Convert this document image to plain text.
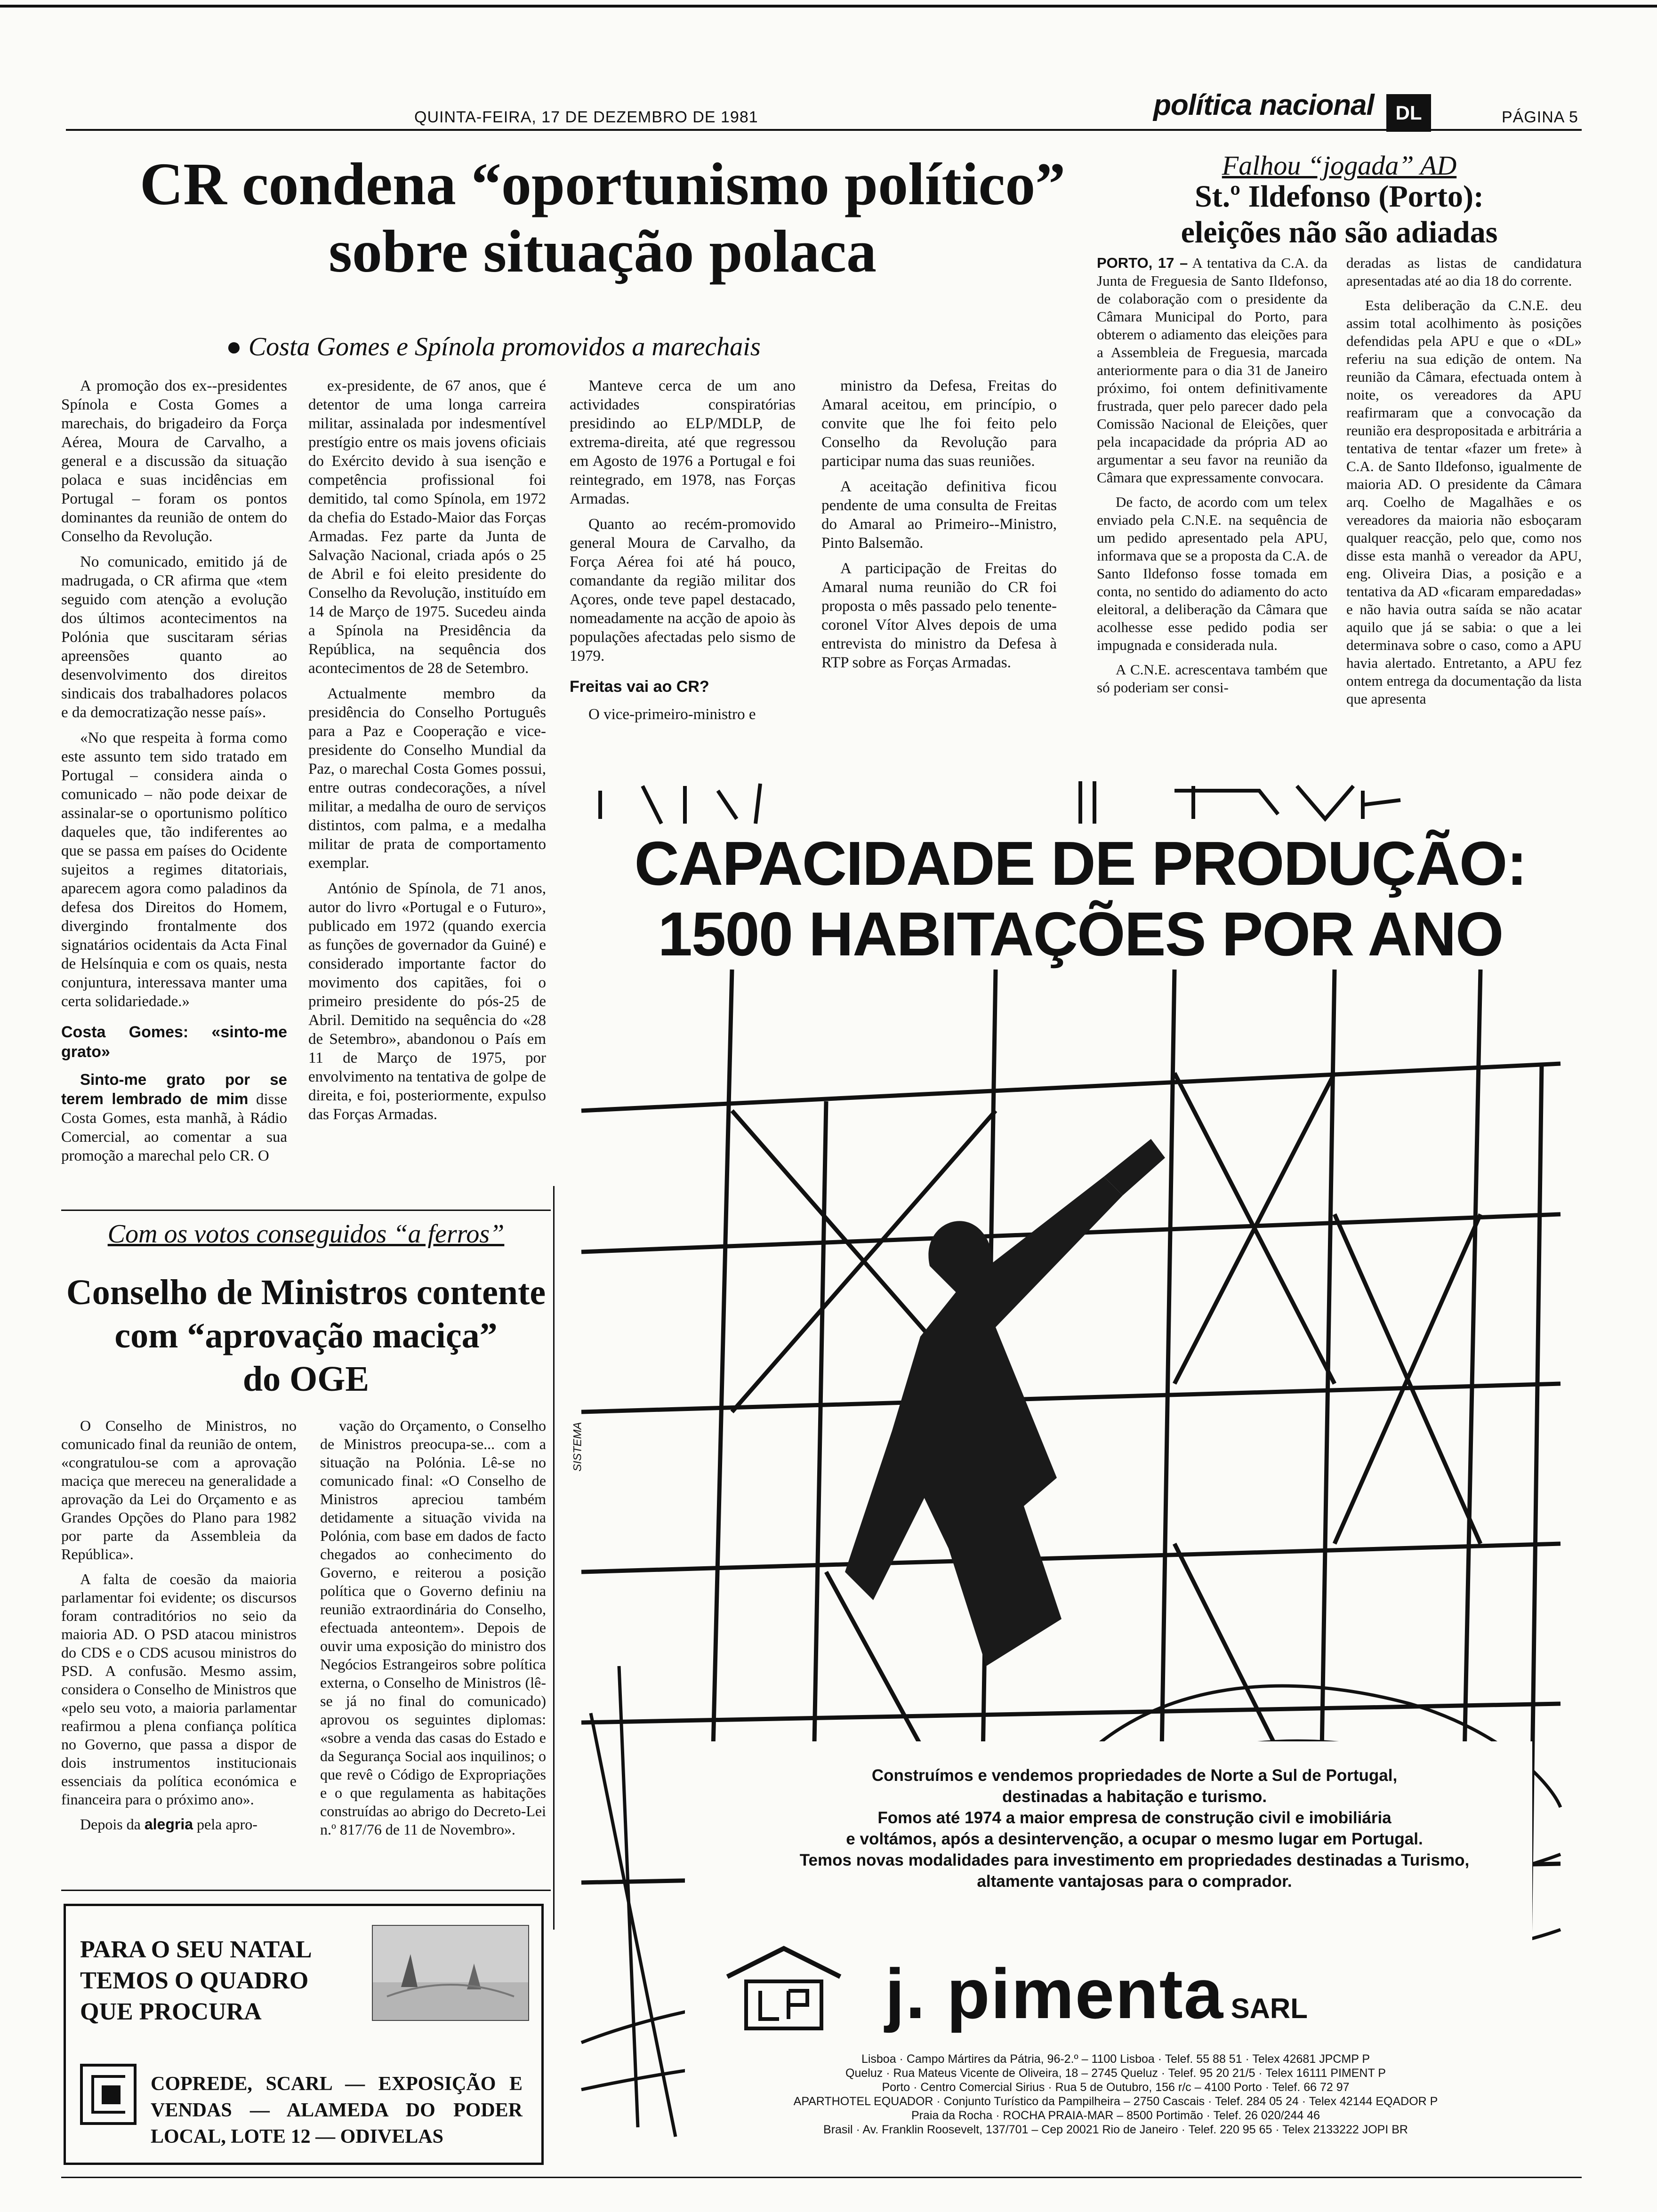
QUINTA-FEIRA, 17 DE DEZEMBRO DE 1981	política nacional	DL	PÁGINA 5
CR condena “oportunismo político”
sobre situação polaca
● Costa Gomes e Spínola promovidos a marechais

A promoção dos ex--presidentes Spínola e Costa Gomes a marechais, do brigadeiro da Força Aérea, Moura de Carvalho, a general e a discussão da situação polaca e suas incidências em Portugal – foram os pontos dominantes da reunião de ontem do Conselho da Revolução.

No comunicado, emitido já de madrugada, o CR afirma que «tem seguido com atenção a evolução dos últimos acontecimentos na Polónia que suscitaram sérias apreensões quanto ao desenvolvimento dos direitos sindicais dos trabalhadores polacos e da democratização nesse país».

«No que respeita à forma como este assunto tem sido tratado em Portugal – considera ainda o comunicado – não pode deixar de assinalar-se o oportunismo político daqueles que, tão indiferentes ao que se passa em países do Ocidente sujeitos a regimes ditatoriais, aparecem agora como paladinos da defesa dos Direitos do Homem, divergindo frontalmente dos signatários ocidentais da Acta Final de Helsínquia e com os quais, nesta conjuntura, interessava manter uma certa solidariedade.»

Costa Gomes: «sinto-me grato»

Sinto-me grato por se terem lembrado de mim disse Costa Gomes, esta manhã, à Rádio Comercial, ao comentar a sua promoção a marechal pelo CR. O

ex-presidente, de 67 anos, que é detentor de uma longa carreira militar, assinalada por indesmentível prestígio entre os mais jovens oficiais do Exército devido à sua isenção e competência profissional foi demitido, tal como Spínola, em 1972 da chefia do Estado-Maior das Forças Armadas. Fez parte da Junta de Salvação Nacional, criada após o 25 de Abril e foi eleito presidente do Conselho da Revolução, instituído em 14 de Março de 1975. Sucedeu ainda a Spínola na Presidência da República, na sequência dos acontecimentos de 28 de Setembro.

Actualmente membro da presidência do Conselho Português para a Paz e Cooperação e vice-presidente do Conselho Mundial da Paz, o marechal Costa Gomes possui, entre outras condecorações, a nível militar, a medalha de ouro de serviços distintos, com palma, e a medalha militar de prata de comportamento exemplar.

António de Spínola, de 71 anos, autor do livro «Portugal e o Futuro», publicado em 1972 (quando exercia as funções de governador da Guiné) e considerado importante factor do movimento dos capitães, foi o primeiro presidente do pós-25 de Abril. Demitido na sequência do «28 de Setembro», abandonou o País em 11 de Março de 1975, por envolvimento na tentativa de golpe de direita, e foi, posteriormente, expulso das Forças Armadas.

Manteve cerca de um ano actividades conspiratórias presidindo ao ELP/MDLP, de extrema-direita, até que regressou em Agosto de 1976 a Portugal e foi reintegrado, em 1978, nas Forças Armadas.

Quanto ao recém-promovido general Moura de Carvalho, da Força Aérea foi até há pouco, comandante da região militar dos Açores, onde teve papel destacado, nomeadamente na acção de apoio às populações afectadas pelo sismo de 1979.

Freitas vai ao CR?

O vice-primeiro-ministro e

ministro da Defesa, Freitas do Amaral aceitou, em princípio, o convite que lhe foi feito pelo Conselho da Revolução para participar numa das suas reuniões.

A aceitação definitiva ficou pendente de uma consulta de Freitas do Amaral ao Primeiro--Ministro, Pinto Balsemão.

A participação de Freitas do Amaral numa reunião do CR foi proposta o mês passado pelo tenente-coronel Vítor Alves depois de uma entrevista do ministro da Defesa à RTP sobre as Forças Armadas.

Falhou “jogada” AD
St.º Ildefonso (Porto):
eleições não são adiadas

PORTO, 17 – A tentativa da C.A. da Junta de Freguesia de Santo Ildefonso, de colaboração com o presidente da Câmara Municipal do Porto, para obterem o adiamento das eleições para a Assembleia de Freguesia, marcada anteriormente para o dia 31 de Janeiro próximo, foi ontem definitivamente frustrada, quer pelo parecer dado pela Comissão Nacional de Eleições, quer pela incapacidade da própria AD ao argumentar a seu favor na reunião da Câmara que expressamente convocara.

De facto, de acordo com um telex enviado pela C.N.E. na sequência de um pedido apresentado pela APU, informava que se a proposta da C.A. de Santo Ildefonso fosse tomada em conta, no sentido do adiamento do acto eleitoral, a deliberação da Câmara que acolhesse esse pedido podia ser impugnada e considerada nula.

A C.N.E. acrescentava também que só poderiam ser consi-

deradas as listas de candidatura apresentadas até ao dia 18 do corrente.

Esta deliberação da C.N.E. deu assim total acolhimento às posições defendidas pela APU e que o «DL» referiu na sua edição de ontem. Na reunião da Câmara, efectuada ontem à noite, os vereadores da APU reafirmaram que a convocação da reunião era despropositada e arbitrária a tentativa de tentar «fazer um frete» à C.A. de Santo Ildefonso, igualmente de maioria AD. O presidente da Câmara arq. Coelho de Magalhães e os vereadores da maioria não esboçaram qualquer reacção, pelo que, como nos disse esta manhã o vereador da APU, eng. Oliveira Dias, a posição e a tentativa da AD «ficaram emparedadas» e não havia outra saída se não acatar aquilo que já se sabia: o que a lei determinava sobre o caso, como a APU havia alertado. Entretanto, a APU fez ontem entrega da documentação da lista que apresenta

Com os votos conseguidos “a ferros”
Conselho de Ministros contente
com “aprovação maciça”
do OGE

O Conselho de Ministros, no comunicado final da reunião de ontem, «congratulou-se com a aprovação maciça que mereceu na generalidade a aprovação da Lei do Orçamento e as Grandes Opções do Plano para 1982 por parte da Assembleia da República».

A falta de coesão da maioria parlamentar foi evidente; os discursos foram contraditórios no seio da maioria AD. O PSD atacou ministros do CDS e o CDS acusou ministros do PSD. A confusão. Mesmo assim, considera o Conselho de Ministros que «pelo seu voto, a maioria parlamentar reafirmou a plena confiança política no Governo, que passa a dispor de dois instrumentos institucionais essenciais da política económica e financeira para o próximo ano».

Depois da alegria pela apro-

vação do Orçamento, o Conselho de Ministros preocupa-se... com a situação na Polónia. Lê-se no comunicado final: «O Conselho de Ministros apreciou também detidamente a situação vivida na Polónia, com base em dados de facto chegados ao conhecimento do Governo, e reiterou a posição política que o Governo definiu na reunião extraordinária do Conselho, efectuada anteontem». Depois de ouvir uma exposição do ministro dos Negócios Estrangeiros sobre política externa, o Conselho de Ministros (lê-se já no final do comunicado) aprovou os seguintes diplomas: «sobre a venda das casas do Estado e da Segurança Social aos inquilinos; o que revê o Código de Expropriações e o que regulamenta as habitações construídas ao abrigo do Decreto-Lei n.º 817/76 de 11 de Novembro».

PARA O SEU NATAL
TEMOS O QUADRO
QUE PROCURA
COPREDE, SCARL — EXPOSIÇÃO E VENDAS — ALAMEDA DO PODER LOCAL, LOTE 12 — ODIVELAS
SISTEMA
CAPACIDADE DE PRODUÇÃO:
1500 HABITAÇÕES POR ANO
Construímos e vendemos propriedades de Norte a Sul de Portugal,
destinadas a habitação e turismo.
Fomos até 1974 a maior empresa de construção civil e imobiliária
e voltámos, após a desintervenção, a ocupar o mesmo lugar em Portugal.
Temos novas modalidades para investimento em propriedades destinadas a Turismo,
altamente vantajosas para o comprador.
j. pimenta SARL
Lisboa · Campo Mártires da Pátria, 96-2.º – 1100 Lisboa · Telef. 55 88 51 · Telex 42681 JPCMP P
Queluz · Rua Mateus Vicente de Oliveira, 18 – 2745 Queluz · Telef. 95 20 21/5 · Telex 16111 PIMENT P
Porto · Centro Comercial Sirius · Rua 5 de Outubro, 156 r/c – 4100 Porto · Telef. 66 72 97
APARTHOTEL EQUADOR · Conjunto Turístico da Pampilheira – 2750 Cascais · Telef. 284 05 24 · Telex 42144 EQADOR P
Praia da Rocha · ROCHA PRAIA-MAR – 8500 Portimão · Telef. 26 020/244 46
Brasil · Av. Franklin Roosevelt, 137/701 – Cep 20021 Rio de Janeiro · Telef. 220 95 65 · Telex 2133222 JOPI BR
